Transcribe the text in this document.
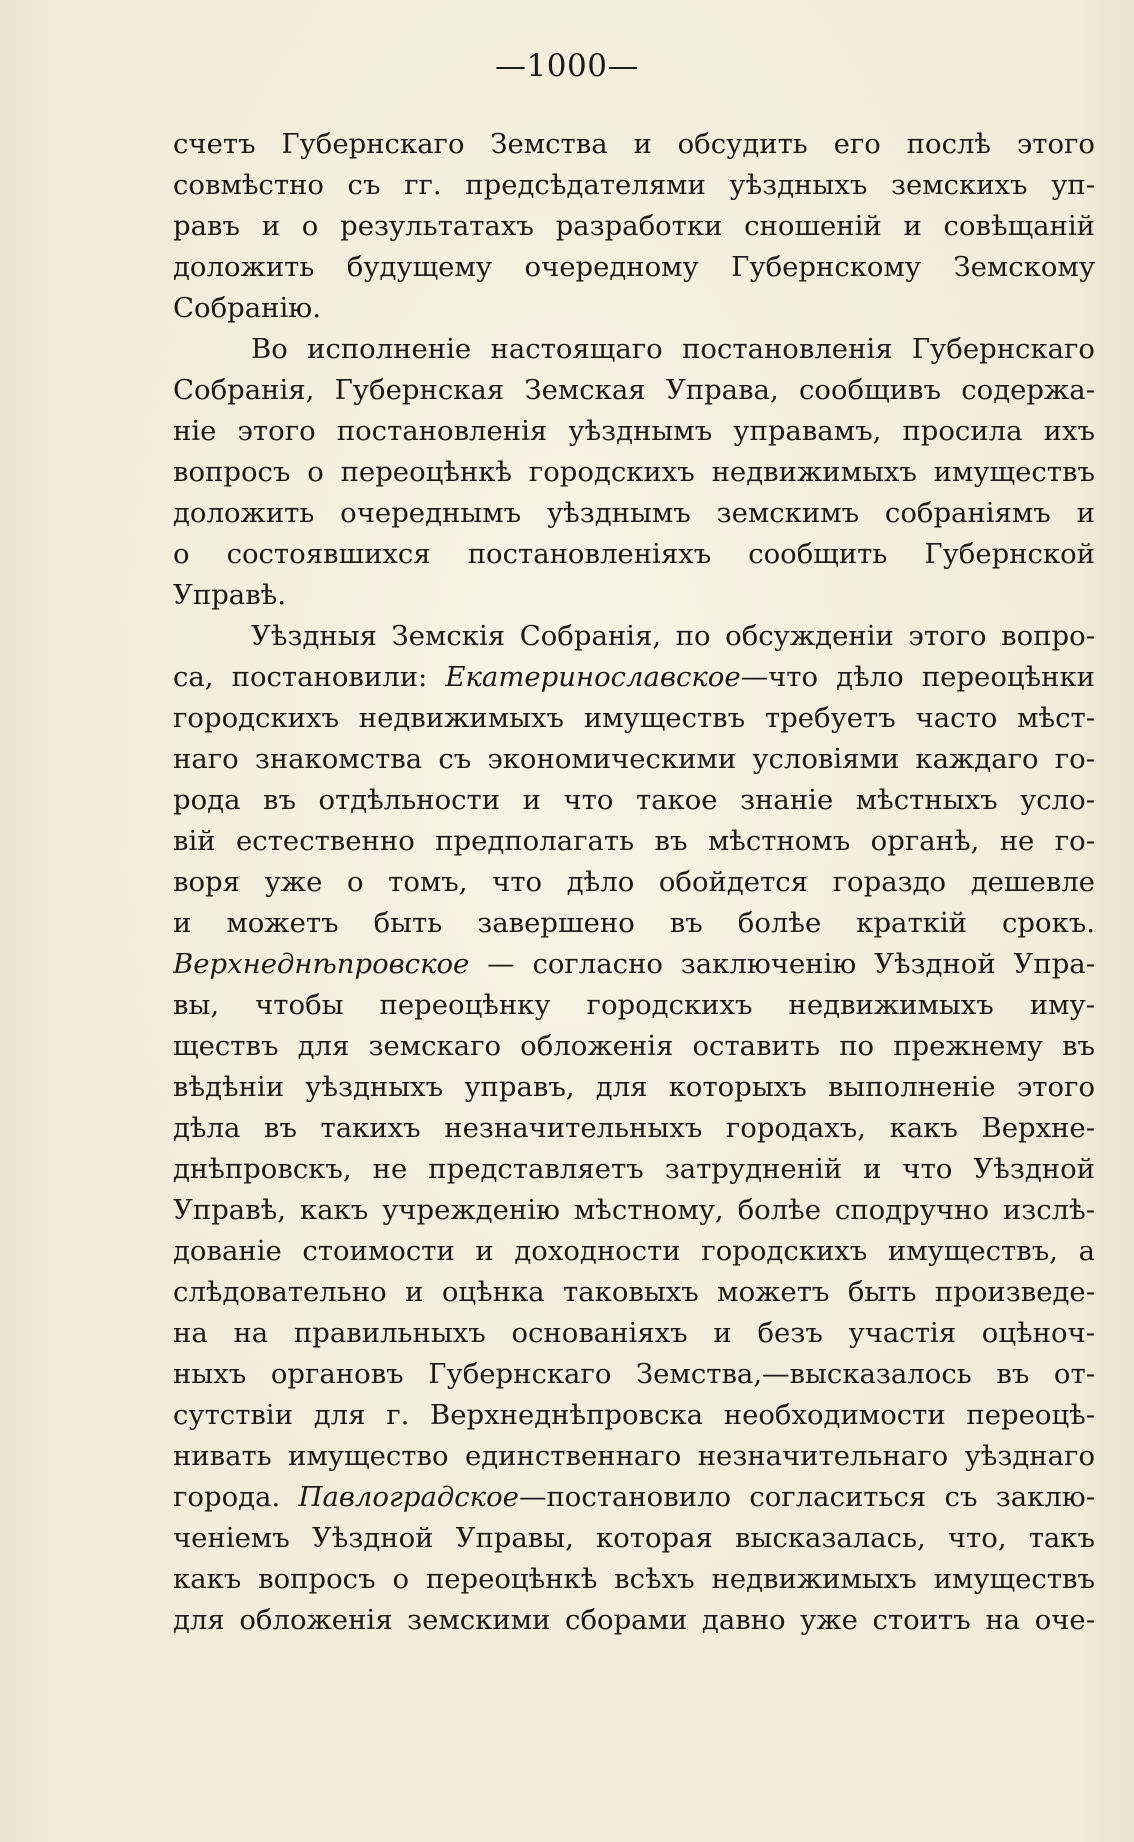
—1000—
счетъ Губернскаго Земства и обсудить его послѣ этого
совмѣстно съ гг. предсѣдателями уѣздныхъ земскихъ уп-
равъ и о результатахъ разработки сношеній и совѣщаній
доложить будущему очередному Губернскому Земскому
Собранію.
Во исполненіе настоящаго постановленія Губернскаго
Собранія, Губернская Земская Управа, сообщивъ содержа-
ніе этого постановленія уѣзднымъ управамъ, просила ихъ
вопросъ о переоцѣнкѣ городскихъ недвижимыхъ имуществъ
доложить очереднымъ уѣзднымъ земскимъ собраніямъ и
о состоявшихся постановленіяхъ сообщить Губернской
Управѣ.
Уѣздныя Земскія Собранія, по обсужденіи этого вопро-
са, постановили: Екатеринославское—что дѣло переоцѣнки
городскихъ недвижимыхъ имуществъ требуетъ часто мѣст-
наго знакомства съ экономическими условіями каждаго го-
рода въ отдѣльности и что такое знаніе мѣстныхъ усло-
вій естественно предполагать въ мѣстномъ органѣ, не го-
воря уже о томъ, что дѣло обойдется гораздо дешевле
и можетъ быть завершено въ болѣе краткій срокъ.
Верхнеднѣпровское — согласно заключенію Уѣздной Упра-
вы, чтобы переоцѣнку городскихъ недвижимыхъ иму-
ществъ для земскаго обложенія оставить по прежнему въ
вѣдѣніи уѣздныхъ управъ, для которыхъ выполненіе этого
дѣла въ такихъ незначительныхъ городахъ, какъ Верхне-
днѣпровскъ, не представляетъ затрудненій и что Уѣздной
Управѣ, какъ учрежденію мѣстному, болѣе сподручно изслѣ-
дованіе стоимости и доходности городскихъ имуществъ, а
слѣдовательно и оцѣнка таковыхъ можетъ быть произведе-
на на правильныхъ основаніяхъ и безъ участія оцѣноч-
ныхъ органовъ Губернскаго Земства,—высказалось въ от-
сутствіи для г. Верхнеднѣпровска необходимости переоцѣ-
нивать имущество единственнаго незначительнаго уѣзднаго
города. Павлоградское—постановило согласиться съ заклю-
ченіемъ Уѣздной Управы, которая высказалась, что, такъ
какъ вопросъ о переоцѣнкѣ всѣхъ недвижимыхъ имуществъ
для обложенія земскими сборами давно уже стоитъ на оче-
